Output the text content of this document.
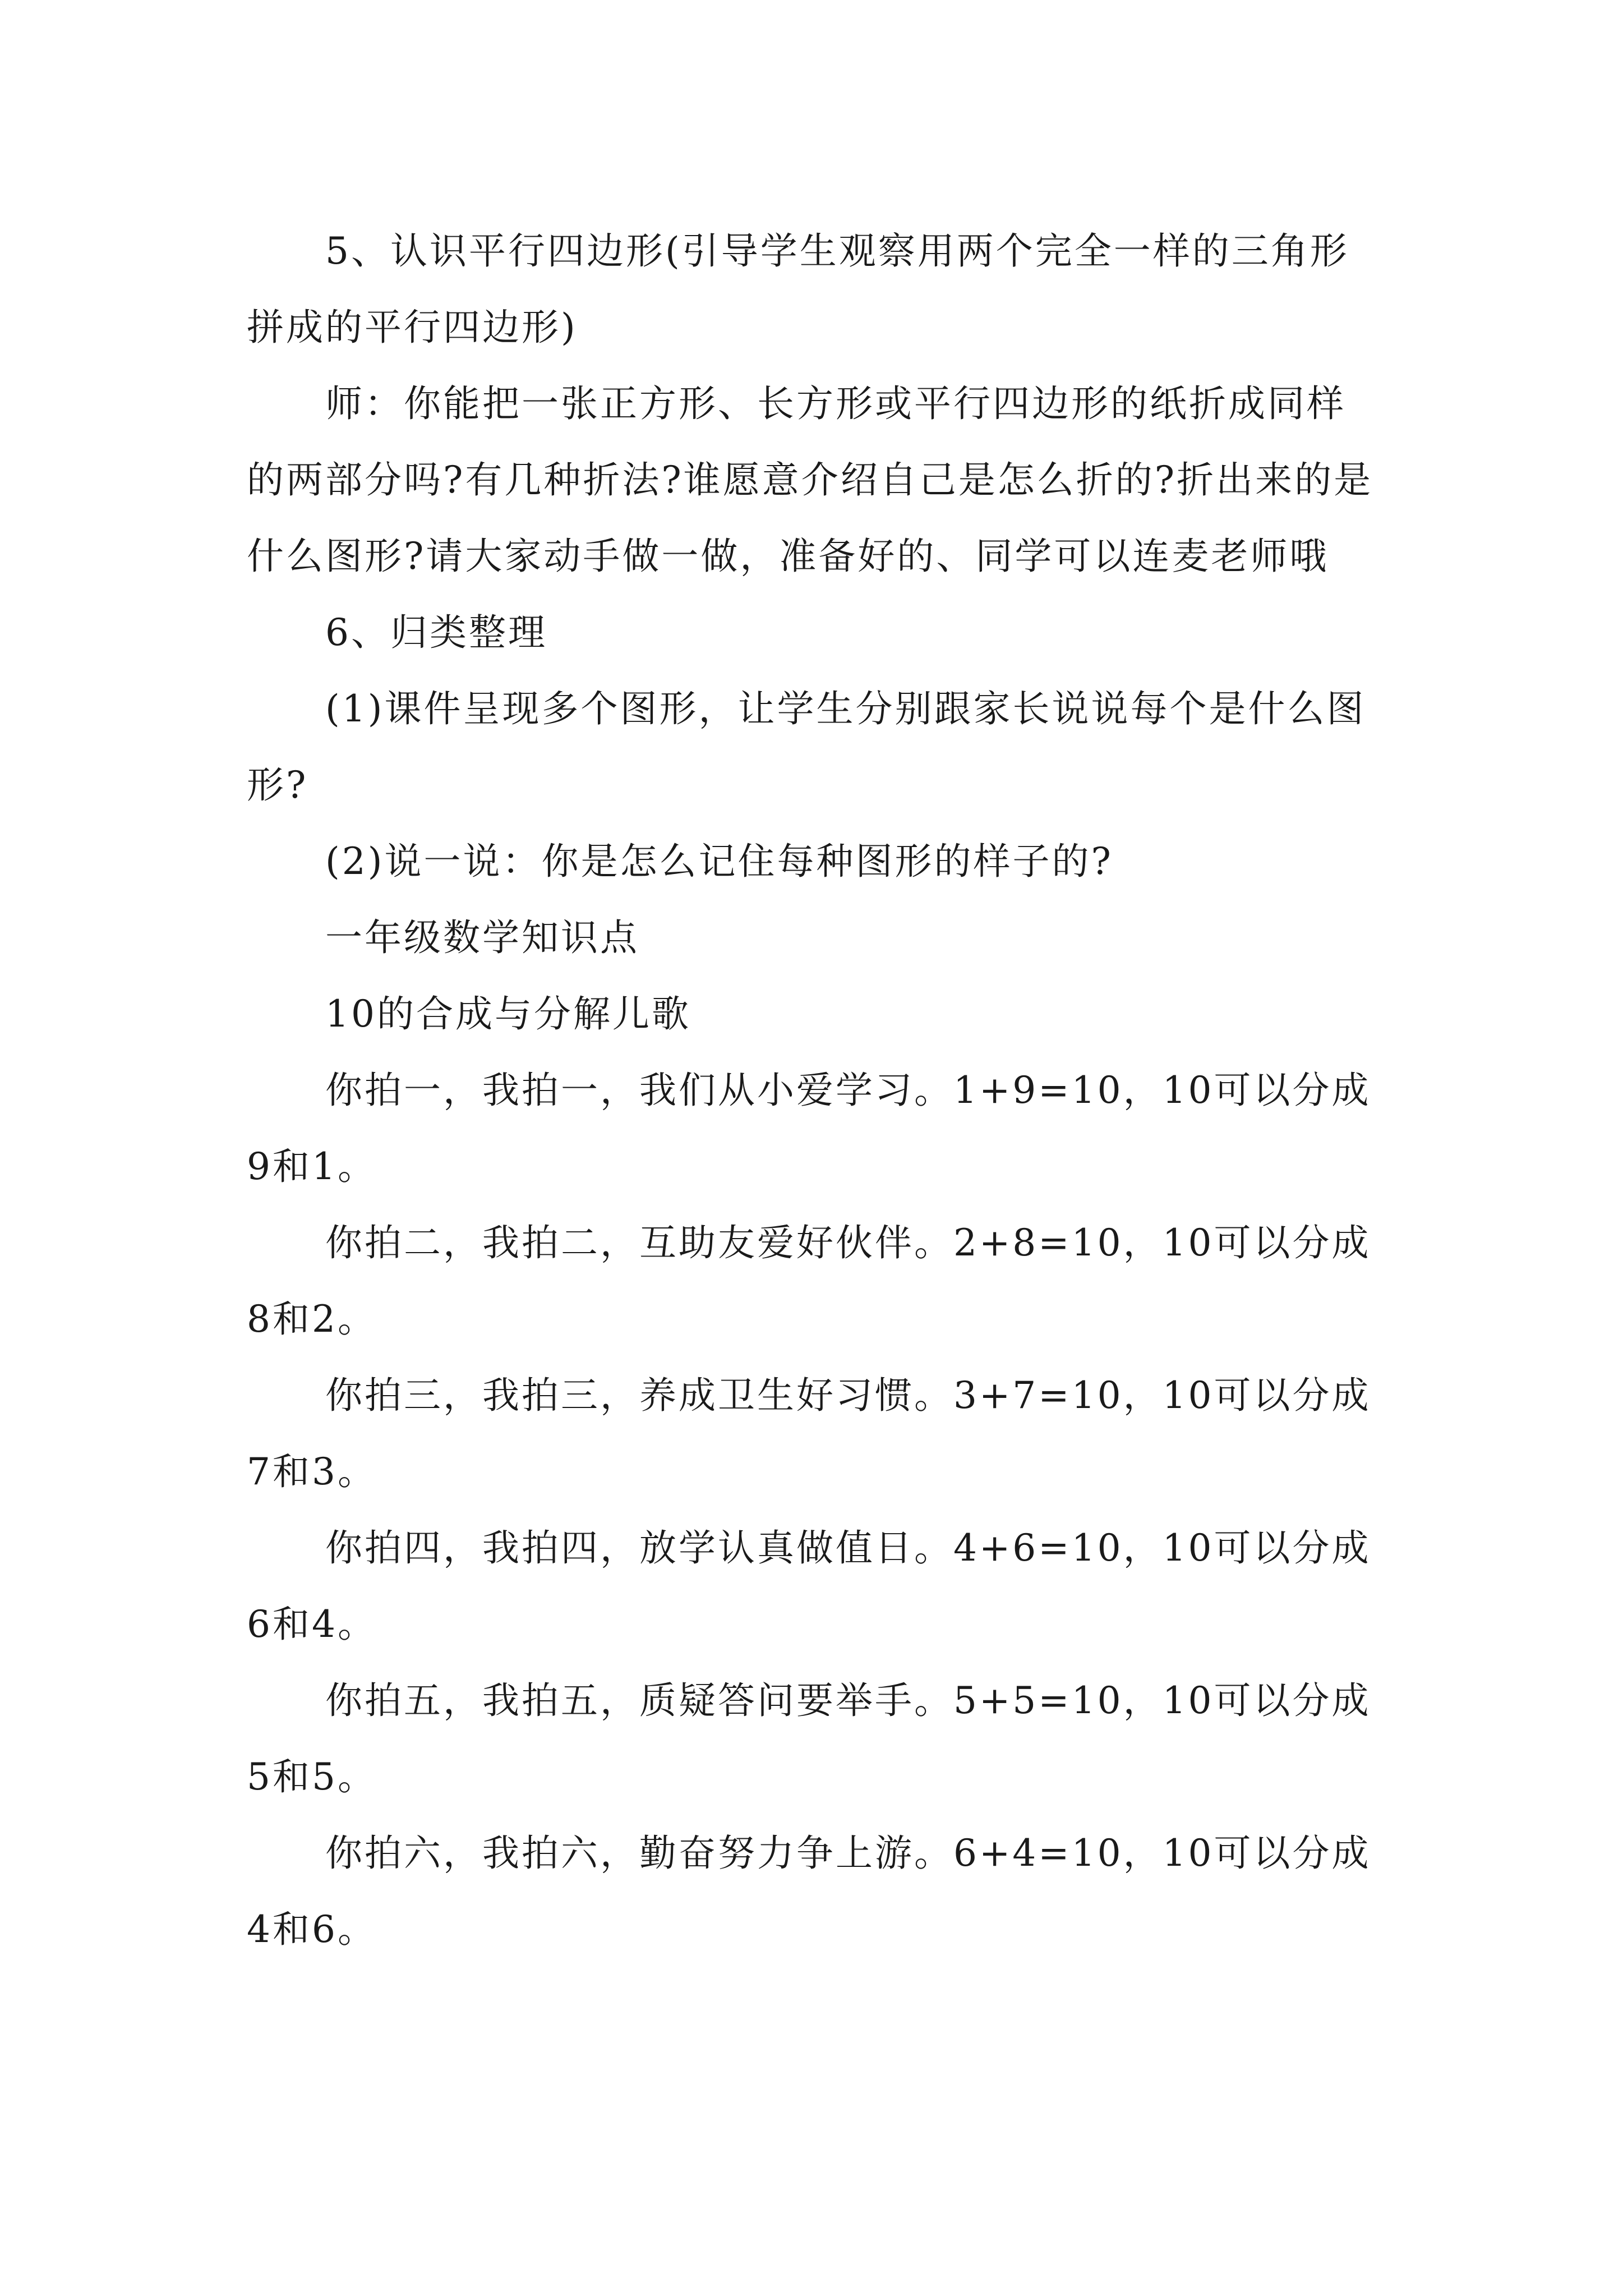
5、认识平行四边形(引导学生观察用两个完全一样的三角形拼成的平行四边形)

师：你能把一张正方形、长方形或平行四边形的纸折成同样的两部分吗?有几种折法?谁愿意介绍自己是怎么折的?折出来的是什么图形?请大家动手做一做，准备好的、同学可以连麦老师哦

6、归类整理

(1)课件呈现多个图形，让学生分别跟家长说说每个是什么图形?

(2)说一说：你是怎么记住每种图形的样子的?

一年级数学知识点

10的合成与分解儿歌

你拍一，我拍一，我们从小爱学习。1+9=10，10可以分成9和1。

你拍二，我拍二，互助友爱好伙伴。2+8=10，10可以分成8和2。

你拍三，我拍三，养成卫生好习惯。3+7=10，10可以分成7和3。

你拍四，我拍四，放学认真做值日。4+6=10，10可以分成6和4。

你拍五，我拍五，质疑答问要举手。5+5=10，10可以分成5和5。

你拍六，我拍六，勤奋努力争上游。6+4=10，10可以分成4和6。
